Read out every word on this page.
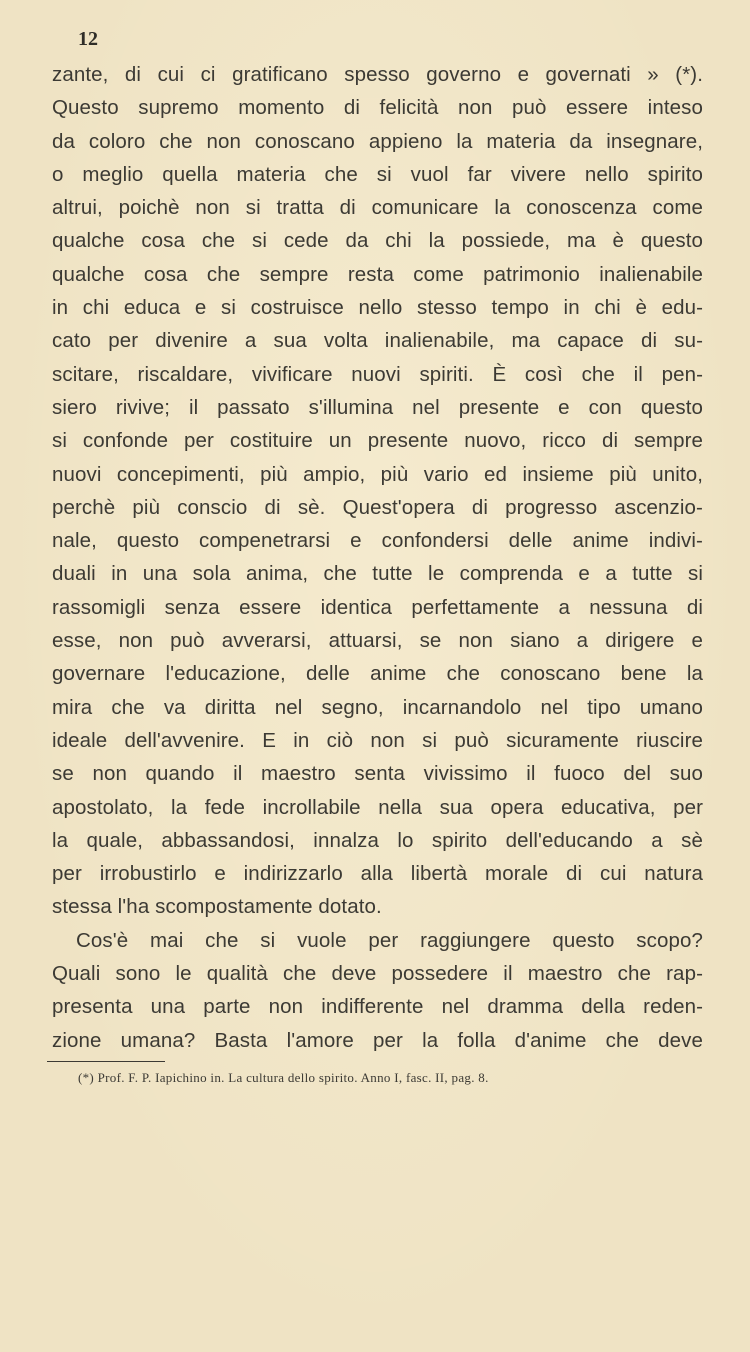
12
zante, di cui ci gratificano spesso governo e governati » (*).
Questo supremo momento di felicità non può essere inteso
da coloro che non conoscano appieno la materia da insegnare,
o meglio quella materia che si vuol far vivere nello spirito
altrui, poichè non si tratta di comunicare la conoscenza come
qualche cosa che si cede da chi la possiede, ma è questo
qualche cosa che sempre resta come patrimonio inalienabile
in chi educa e si costruisce nello stesso tempo in chi è edu-
cato per divenire a sua volta inalienabile, ma capace di su-
scitare, riscaldare, vivificare nuovi spiriti. È così che il pen-
siero rivive; il passato s'illumina nel presente e con questo
si confonde per costituire un presente nuovo, ricco di sempre
nuovi concepimenti, più ampio, più vario ed insieme più unito,
perchè più conscio di sè. Quest'opera di progresso ascenzio-
nale, questo compenetrarsi e confondersi delle anime indivi-
duali in una sola anima, che tutte le comprenda e a tutte si
rassomigli senza essere identica perfettamente a nessuna di
esse, non può avverarsi, attuarsi, se non siano a dirigere e
governare l'educazione, delle anime che conoscano bene la
mira che va diritta nel segno, incarnandolo nel tipo umano
ideale dell'avvenire. E in ciò non si può sicuramente riuscire
se non quando il maestro senta vivissimo il fuoco del suo
apostolato, la fede incrollabile nella sua opera educativa, per
la quale, abbassandosi, innalza lo spirito dell'educando a sè
per irrobustirlo e indirizzarlo alla libertà morale di cui natura
stessa l'ha scompostamente dotato.
Cos'è mai che si vuole per raggiungere questo scopo?
Quali sono le qualità che deve possedere il maestro che rap-
presenta una parte non indifferente nel dramma della reden-
zione umana? Basta l'amore per la folla d'anime che deve
(*) Prof. F. P. Iapichino in. La cultura dello spirito. Anno I, fasc. II, pag. 8.
